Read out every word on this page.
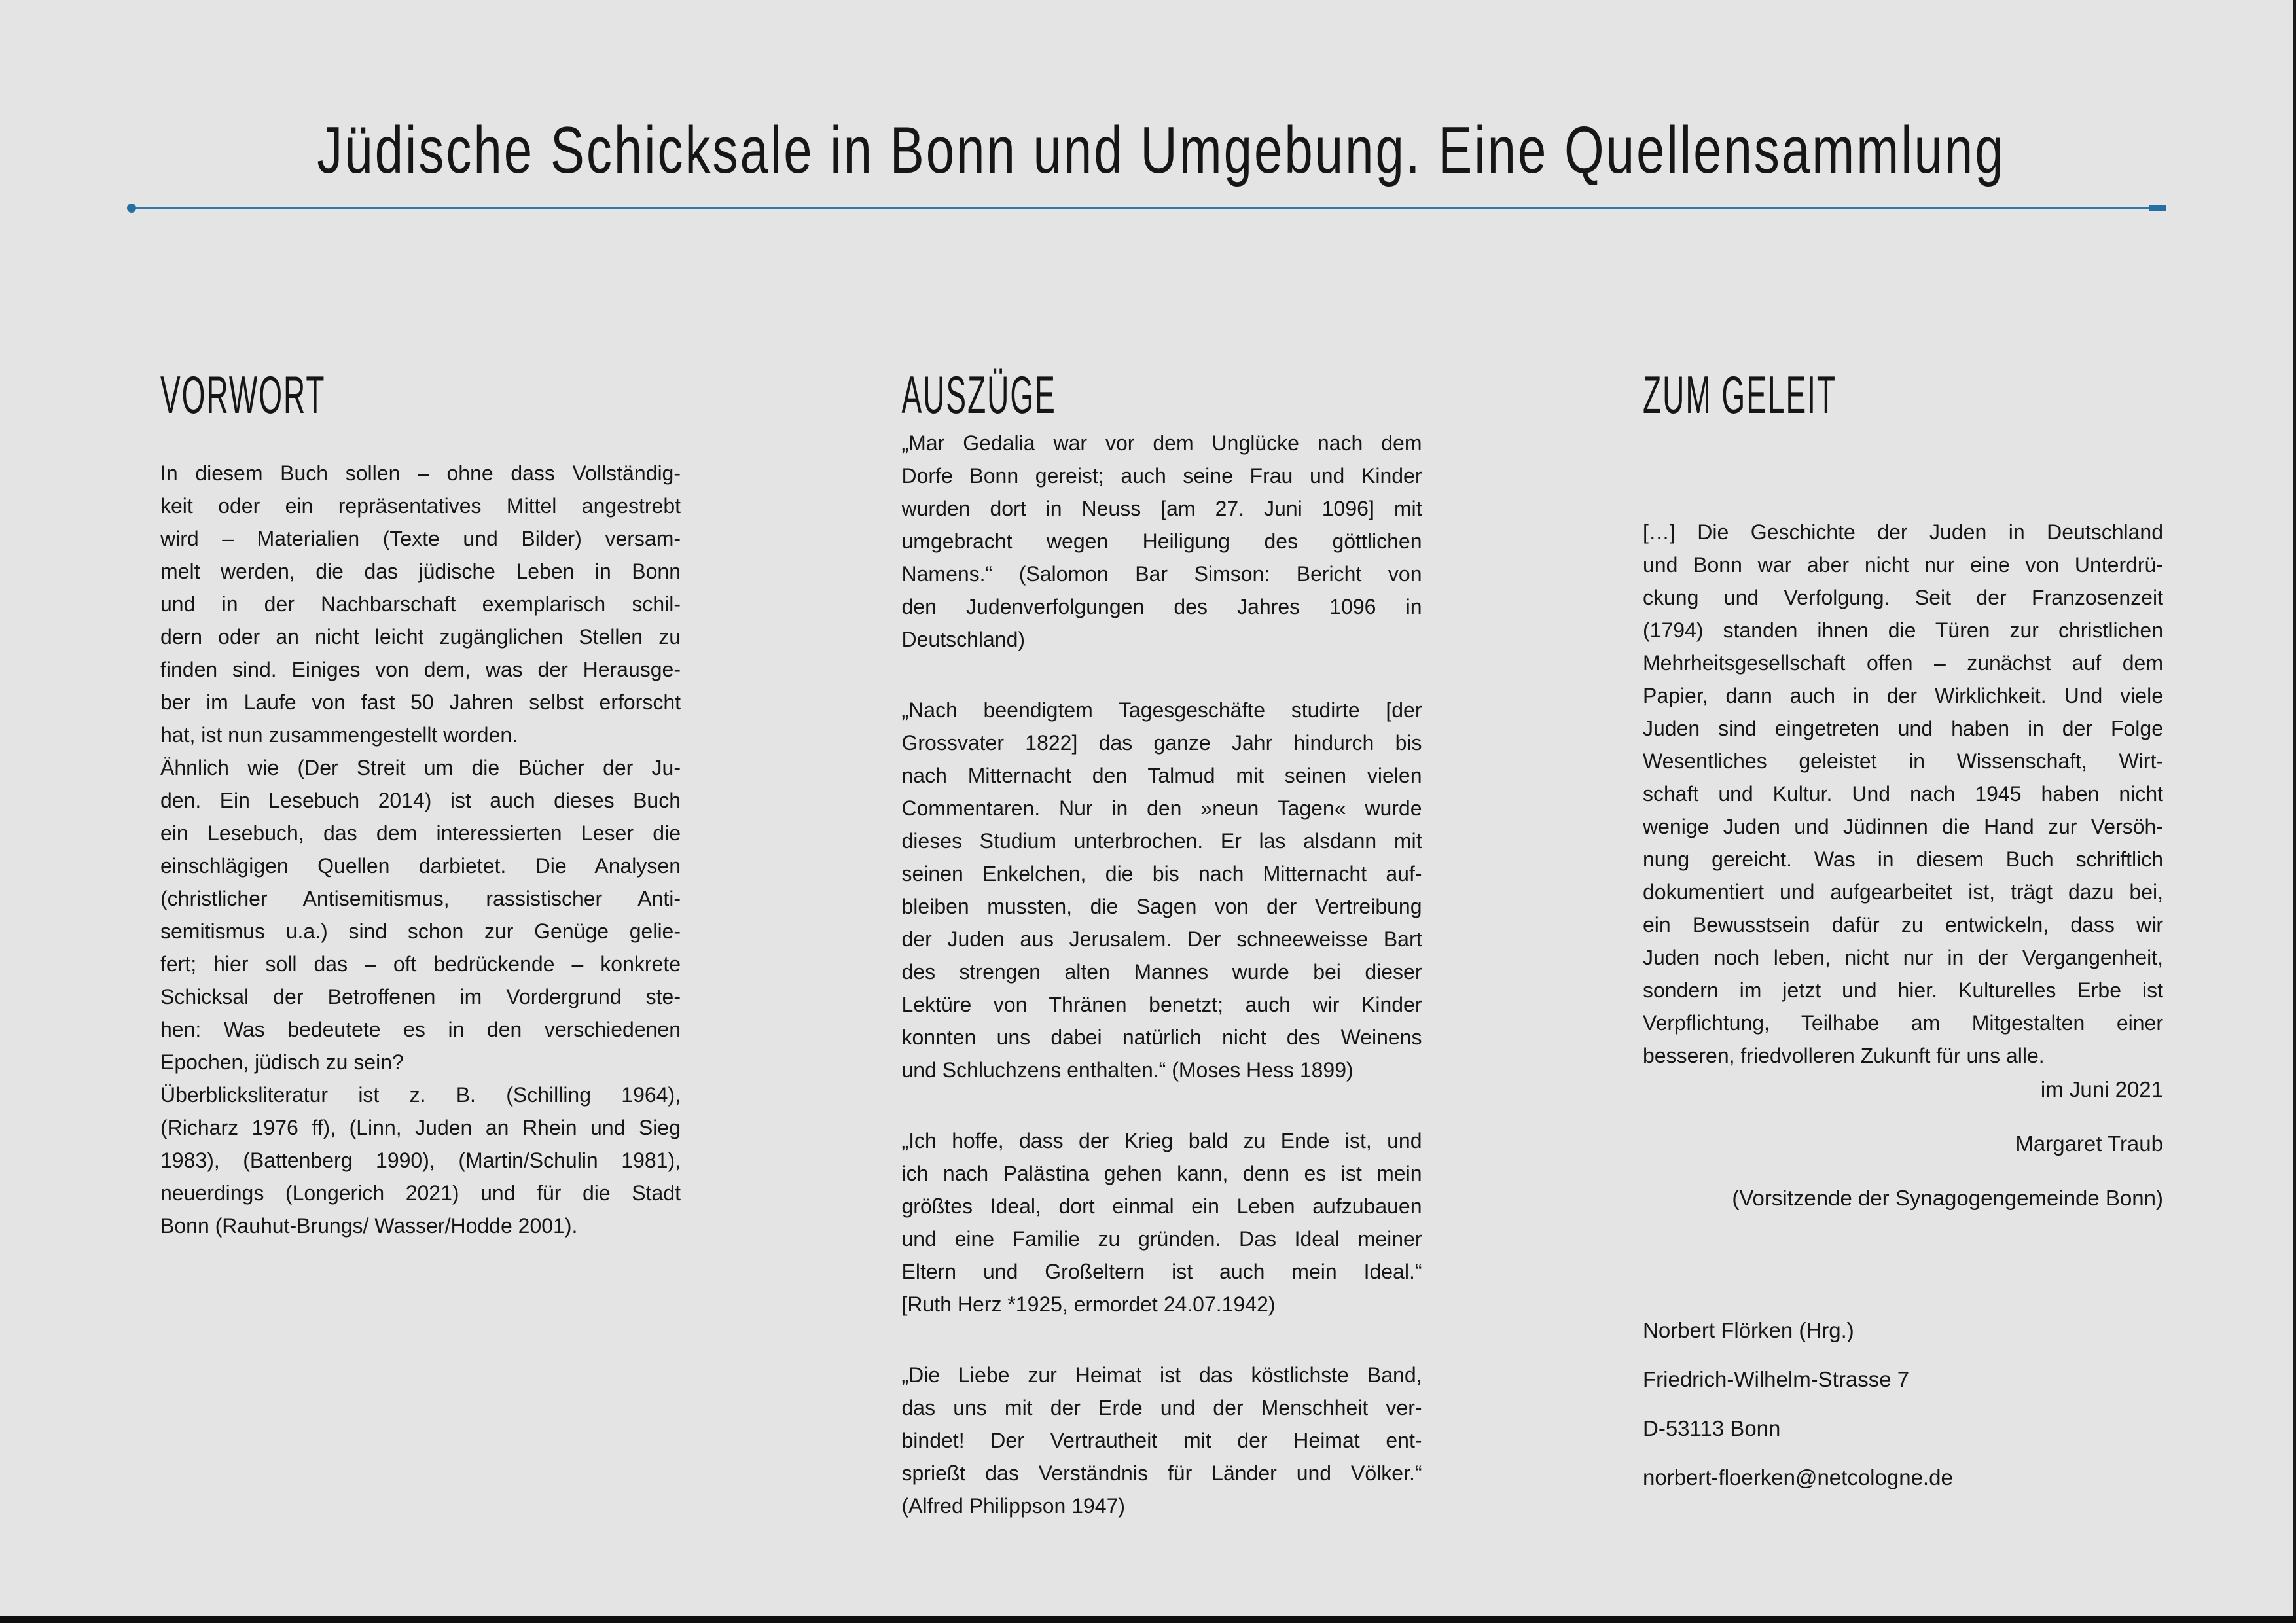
Jüdische Schicksale in Bonn und Umgebung. Eine Quellensammlung
VORWORT
In diesem Buch sollen – ohne dass Vollständig-
keit oder ein repräsentatives Mittel angestrebt
wird – Materialien (Texte und Bilder) versam-
melt werden, die das jüdische Leben in Bonn
und in der Nachbarschaft exemplarisch schil-
dern oder an nicht leicht zugänglichen Stellen zu
finden sind. Einiges von dem, was der Herausge-
ber im Laufe von fast 50 Jahren selbst erforscht
hat, ist nun zusammengestellt worden.
Ähnlich wie (Der Streit um die Bücher der Ju-
den. Ein Lesebuch 2014) ist auch dieses Buch
ein Lesebuch, das dem interessierten Leser die
einschlägigen Quellen darbietet. Die Analysen
(christlicher Antisemitismus, rassistischer Anti-
semitismus u.a.) sind schon zur Genüge gelie-
fert; hier soll das – oft bedrückende – konkrete
Schicksal der Betroffenen im Vordergrund ste-
hen: Was bedeutete es in den verschiedenen
Epochen, jüdisch zu sein?
Überblicksliteratur ist z. B. (Schilling 1964),
(Richarz 1976 ff), (Linn, Juden an Rhein und Sieg
1983), (Battenberg 1990), (Martin/Schulin 1981),
neuerdings (Longerich 2021) und für die Stadt
Bonn (Rauhut-Brungs/ Wasser/Hodde 2001).
AUSZÜGE
„Mar Gedalia war vor dem Unglücke nach dem
Dorfe Bonn gereist; auch seine Frau und Kinder
wurden dort in Neuss [am 27. Juni 1096] mit
umgebracht wegen Heiligung des göttlichen
Namens.“ (Salomon Bar Simson: Bericht von
den Judenverfolgungen des Jahres 1096 in
Deutschland)
„Nach beendigtem Tagesgeschäfte studirte [der
Grossvater 1822] das ganze Jahr hindurch bis
nach Mitternacht den Talmud mit seinen vielen
Commentaren. Nur in den »neun Tagen« wurde
dieses Studium unterbrochen. Er las alsdann mit
seinen Enkelchen, die bis nach Mitternacht auf-
bleiben mussten, die Sagen von der Vertreibung
der Juden aus Jerusalem. Der schneeweisse Bart
des strengen alten Mannes wurde bei dieser
Lektüre von Thränen benetzt; auch wir Kinder
konnten uns dabei natürlich nicht des Weinens
und Schluchzens enthalten.“ (Moses Hess 1899)
„Ich hoffe, dass der Krieg bald zu Ende ist, und
ich nach Palästina gehen kann, denn es ist mein
größtes Ideal, dort einmal ein Leben aufzubauen
und eine Familie zu gründen. Das Ideal meiner
Eltern und Großeltern ist auch mein Ideal.“
[Ruth Herz *1925, ermordet 24.07.1942)
„Die Liebe zur Heimat ist das köstlichste Band,
das uns mit der Erde und der Menschheit ver-
bindet! Der Vertrautheit mit der Heimat ent-
sprießt das Verständnis für Länder und Völker.“
(Alfred Philippson 1947)
ZUM GELEIT
[…] Die Geschichte der Juden in Deutschland
und Bonn war aber nicht nur eine von Unterdrü-
ckung und Verfolgung. Seit der Franzosenzeit
(1794) standen ihnen die Türen zur christlichen
Mehrheitsgesellschaft offen – zunächst auf dem
Papier, dann auch in der Wirklichkeit. Und viele
Juden sind eingetreten und haben in der Folge
Wesentliches geleistet in Wissenschaft, Wirt-
schaft und Kultur. Und nach 1945 haben nicht
wenige Juden und Jüdinnen die Hand zur Versöh-
nung gereicht. Was in diesem Buch schriftlich
dokumentiert und aufgearbeitet ist, trägt dazu bei,
ein Bewusstsein dafür zu entwickeln, dass wir
Juden noch leben, nicht nur in der Vergangenheit,
sondern im jetzt und hier. Kulturelles Erbe ist
Verpflichtung, Teilhabe am Mitgestalten einer
besseren, friedvolleren Zukunft für uns alle.
im Juni 2021
Margaret Traub
(Vorsitzende der Synagogengemeinde Bonn)
Norbert Flörken (Hrg.)
Friedrich-Wilhelm-Strasse 7
D-53113 Bonn
norbert-floerken@netcologne.de
